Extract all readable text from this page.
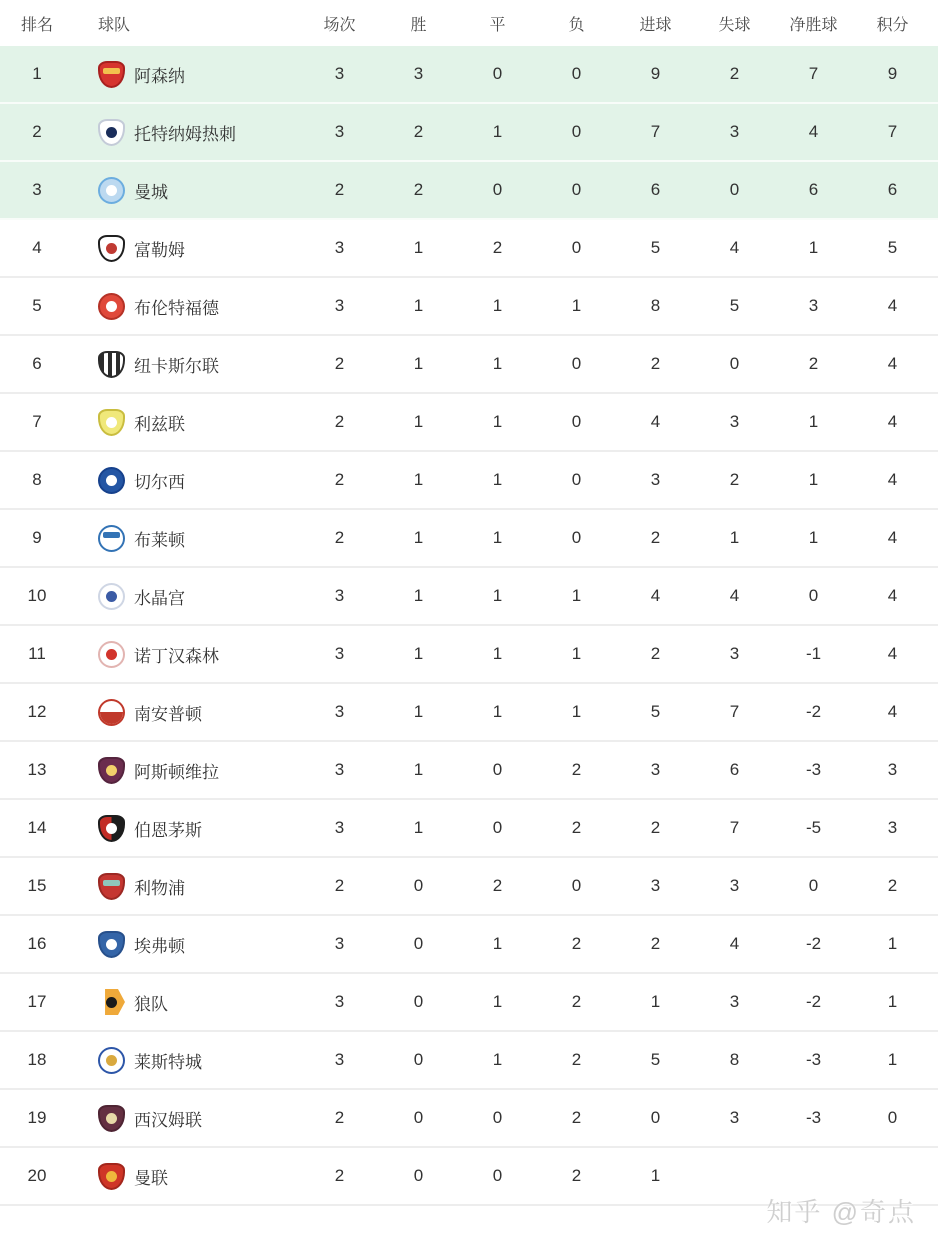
排名	球队	场次	胜	平	负	进球	失球	净胜球	积分
1	阿森纳	3	3	0	0	9	2	7	9
2	托特纳姆热刺	3	2	1	0	7	3	4	7
3	曼城	2	2	0	0	6	0	6	6
4	富勒姆	3	1	2	0	5	4	1	5
5	布伦特福德	3	1	1	1	8	5	3	4
6	纽卡斯尔联	2	1	1	0	2	0	2	4
7	利兹联	2	1	1	0	4	3	1	4
8	切尔西	2	1	1	0	3	2	1	4
9	布莱顿	2	1	1	0	2	1	1	4
10	水晶宫	3	1	1	1	4	4	0	4
11	诺丁汉森林	3	1	1	1	2	3	-1	4
12	南安普顿	3	1	1	1	5	7	-2	4
13	阿斯顿维拉	3	1	0	2	3	6	-3	3
14	伯恩茅斯	3	1	0	2	2	7	-5	3
15	利物浦	2	0	2	0	3	3	0	2
16	埃弗顿	3	0	1	2	2	4	-2	1
17	狼队	3	0	1	2	1	3	-2	1
18	莱斯特城	3	0	1	2	5	8	-3	1
19	西汉姆联	2	0	0	2	0	3	-3	0
20	曼联	2	0	0	2	1
知乎 @奇点
